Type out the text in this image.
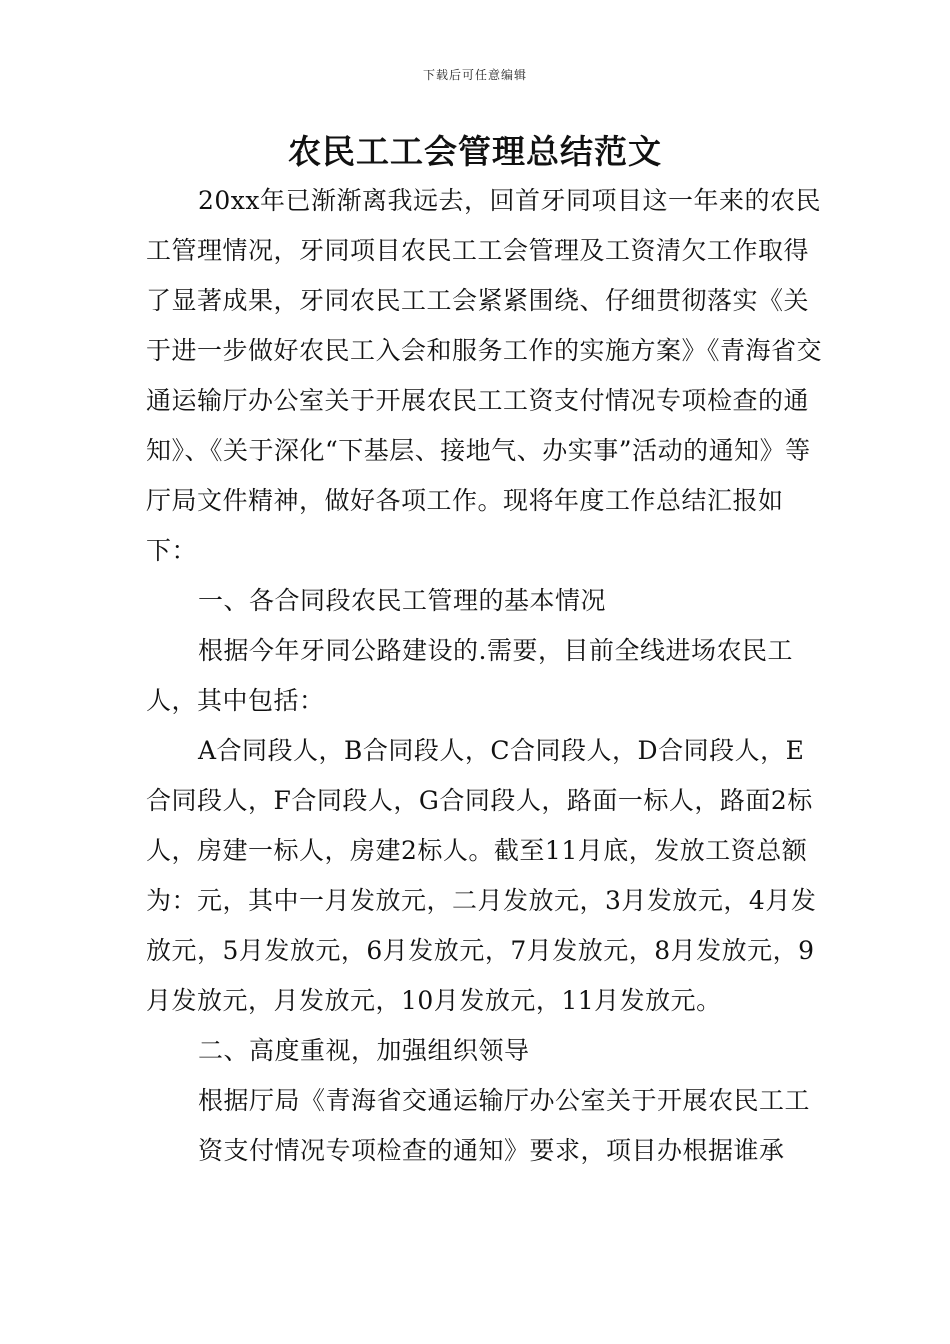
下载后可任意编辑
农民工工会管理总结范文

20xx年已渐渐离我远去，回首牙同项目这一年来的农民工管理情况，牙同项目农民工工会管理及工资清欠工作取得了显著成果，牙同农民工工会紧紧围绕、仔细贯彻落实《关于进一步做好农民工入会和服务工作的实施方案》《青海省交通运输厅办公室关于开展农民工工资支付情况专项检查的通知》、《关于深化“下基层、接地气、办实事”活动的通知》等厅局文件精神，做好各项工作。现将年度工作总结汇报如下：

一、各合同段农民工管理的基本情况

根据今年牙同公路建设的.需要，目前全线进场农民工人，其中包括：

A合同段人，B合同段人，C合同段人，D合同段人，E合同段人，F合同段人，G合同段人，路面一标人，路面2标人，房建一标人，房建2标人。截至11月底，发放工资总额为：元，其中一月发放元，二月发放元，3月发放元，4月发放元，5月发放元，6月发放元，7月发放元，8月发放元，9月发放元，月发放元，10月发放元，11月发放元。

二、高度重视，加强组织领导

根据厅局《青海省交通运输厅办公室关于开展农民工工

资支付情况专项检查的通知》要求，项目办根据谁承
